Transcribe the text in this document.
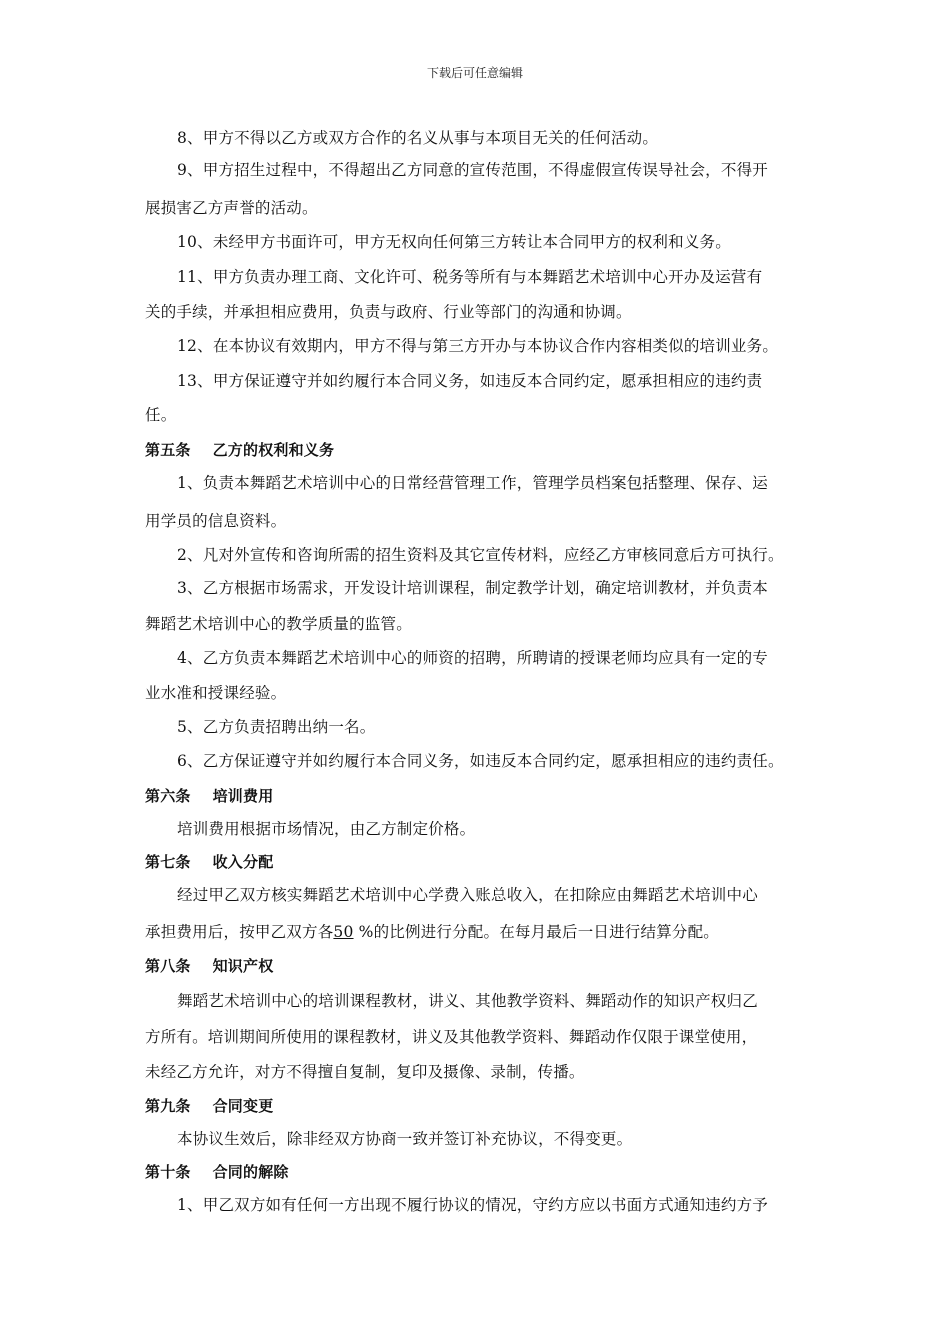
下载后可任意编辑
8、甲方不得以乙方或双方合作的名义从事与本项目无关的任何活动。
9、甲方招生过程中，不得超出乙方同意的宣传范围，不得虚假宣传误导社会，不得开
展损害乙方声誉的活动。
10、未经甲方书面许可，甲方无权向任何第三方转让本合同甲方的权利和义务。
11、甲方负责办理工商、文化许可、税务等所有与本舞蹈艺术培训中心开办及运营有
关的手续，并承担相应费用，负责与政府、行业等部门的沟通和协调。
12、在本协议有效期内，甲方不得与第三方开办与本协议合作内容相类似的培训业务。
13、甲方保证遵守并如约履行本合同义务，如违反本合同约定，愿承担相应的违约责
任。
第五条 乙方的权利和义务
1、负责本舞蹈艺术培训中心的日常经营管理工作，管理学员档案包括整理、保存、运
用学员的信息资料。
2、凡对外宣传和咨询所需的招生资料及其它宣传材料，应经乙方审核同意后方可执行。
3、乙方根据市场需求，开发设计培训课程，制定教学计划，确定培训教材，并负责本
舞蹈艺术培训中心的教学质量的监管。
4、乙方负责本舞蹈艺术培训中心的师资的招聘，所聘请的授课老师均应具有一定的专
业水准和授课经验。
5、乙方负责招聘出纳一名。
6、乙方保证遵守并如约履行本合同义务，如违反本合同约定，愿承担相应的违约责任。
第六条 培训费用
培训费用根据市场情况，由乙方制定价格。
第七条 收入分配
经过甲乙双方核实舞蹈艺术培训中心学费入账总收入，在扣除应由舞蹈艺术培训中心
承担费用后，按甲乙双方各50 %的比例进行分配。在每月最后一日进行结算分配。
第八条 知识产权
舞蹈艺术培训中心的培训课程教材，讲义、其他教学资料、舞蹈动作的知识产权归乙
方所有。培训期间所使用的课程教材，讲义及其他教学资料、舞蹈动作仅限于课堂使用，
未经乙方允许，对方不得擅自复制，复印及摄像、录制，传播。
第九条 合同变更
本协议生效后，除非经双方协商一致并签订补充协议，不得变更。
第十条 合同的解除
1、甲乙双方如有任何一方出现不履行协议的情况，守约方应以书面方式通知违约方予
